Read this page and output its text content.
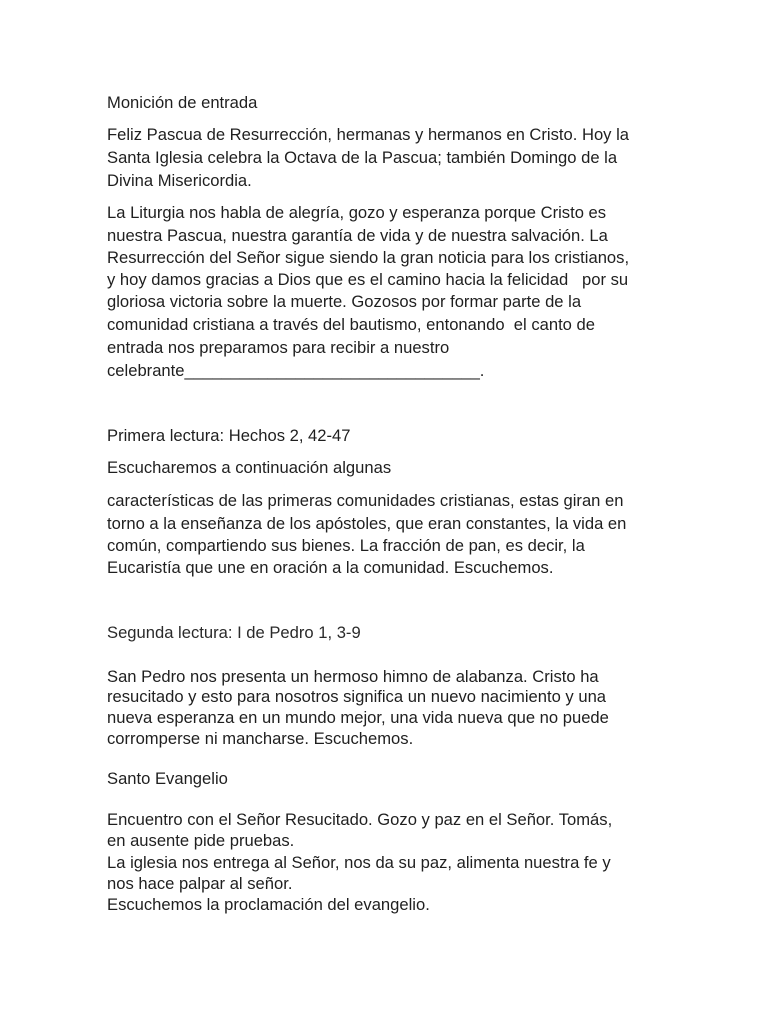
Monición de entrada

Feliz Pascua de Resurrección, hermanas y hermanos en Cristo. Hoy la

Santa Iglesia celebra la Octava de la Pascua; también Domingo de la

Divina Misericordia.

La Liturgia nos habla de alegría, gozo y esperanza porque Cristo es

nuestra Pascua, nuestra garantía de vida y de nuestra salvación. La

Resurrección del Señor sigue siendo la gran noticia para los cristianos,

y hoy damos gracias a Dios que es el camino hacia la felicidad   por su

gloriosa victoria sobre la muerte. Gozosos por formar parte de la

comunidad cristiana a través del bautismo, entonando  el canto de

entrada nos preparamos para recibir a nuestro

celebrante________________________________.

Primera lectura: Hechos 2, 42-47

Escucharemos a continuación algunas

características de las primeras comunidades cristianas, estas giran en

torno a la enseñanza de los apóstoles, que eran constantes, la vida en

común, compartiendo sus bienes. La fracción de pan, es decir, la

Eucaristía que une en oración a la comunidad. Escuchemos.

Segunda lectura: I de Pedro 1, 3-9

San Pedro nos presenta un hermoso himno de alabanza. Cristo ha

resucitado y esto para nosotros significa un nuevo nacimiento y una

nueva esperanza en un mundo mejor, una vida nueva que no puede

corromperse ni mancharse. Escuchemos.

Santo Evangelio

Encuentro con el Señor Resucitado. Gozo y paz en el Señor. Tomás,

en ausente pide pruebas.

La iglesia nos entrega al Señor, nos da su paz, alimenta nuestra fe y

nos hace palpar al señor.

Escuchemos la proclamación del evangelio.
